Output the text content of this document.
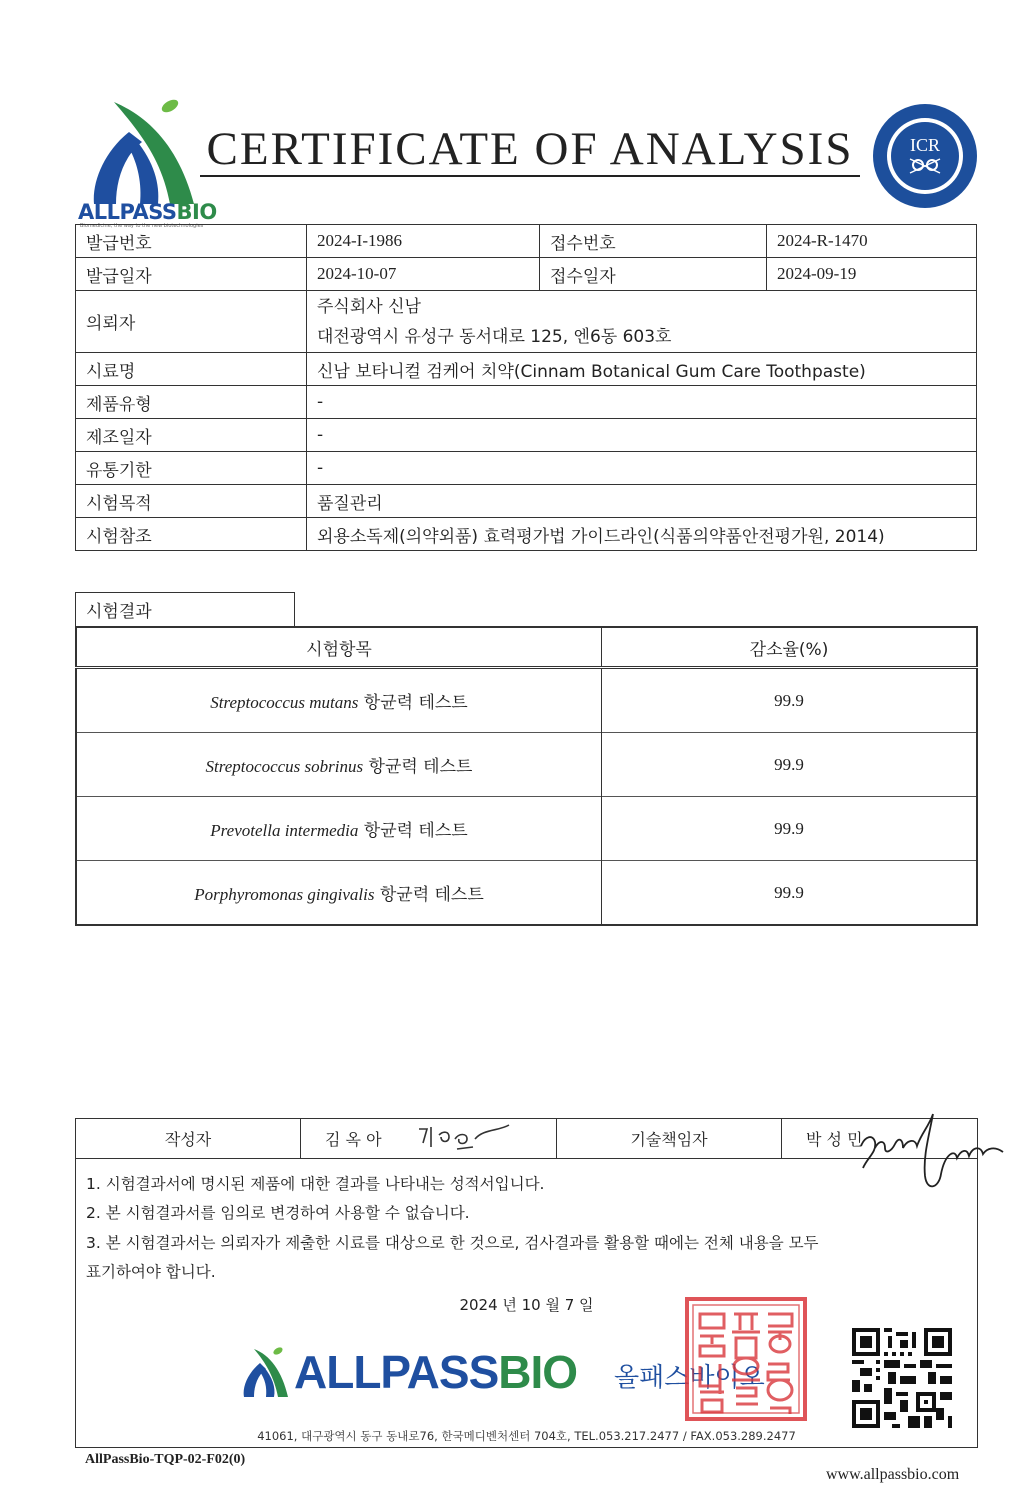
ALLPASSBIO
Biomedicine, the way to the new biotechnologies
CERTIFICATE OF ANALYSIS	ICR
발급번호	2024-I-1986	접수번호	2024-R-1470
발급일자	2024-10-07	접수일자	2024-09-19
의뢰자	주식회사 신남
대전광역시 유성구 동서대로 125, 엔6동 603호		

시료명	신남 보타니컬 검케어 치약(Cinnam Botanical Gum Care Toothpaste)		
제품유형	-		
제조일자	-		
유통기한	-		
시험목적	품질관리		
시험참조	외용소독제(의약외품) 효력평가법 가이드라인(식품의약품안전평가원, 2014)		
시험결과
시험항목	감소율(%)
Streptococcus mutans 항균력 테스트	99.9
Streptococcus sobrinus 항균력 테스트	99.9
Prevotella intermedia 항균력 테스트	99.9
Porphyromonas gingivalis 항균력 테스트	99.9
작성자	김 옥 아	기술책임자	박 성 민
1. 시험결과서에 명시된 제품에 대한 결과를 나타내는 성적서입니다.
2. 본 시험결과서를 임의로 변경하여 사용할 수 없습니다.
3. 본 시험결과서는 의뢰자가 제출한 시료를 대상으로 한 것으로, 검사결과를 활용할 때에는 전체 내용을 모두
표기하여야 합니다.
2024 년 10 월 7 일
ALLPASSBIO 올패스바이오
41061, 대구광역시 동구 동내로76, 한국메디벤처센터 704호, TEL.053.217.2477 / FAX.053.289.2477
AllPassBio-TQP-02-F02(0)
www.allpassbio.com
